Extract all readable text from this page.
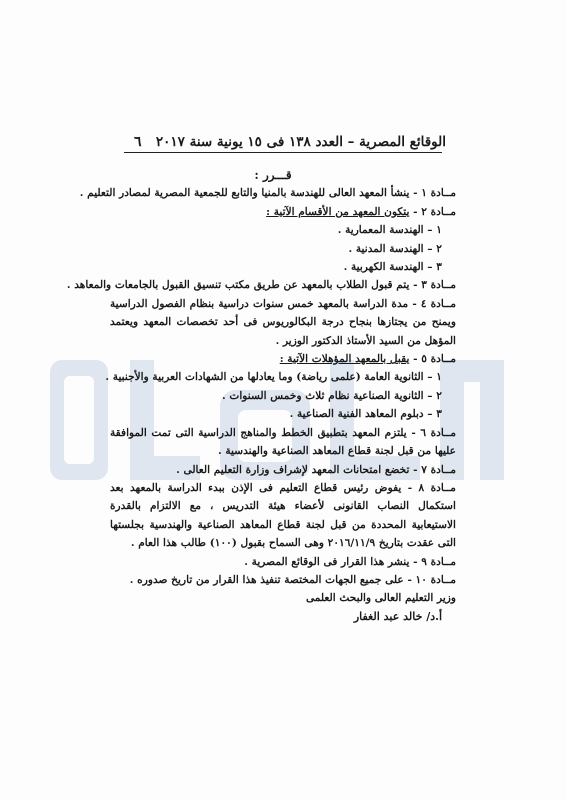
٦ الوقائع المصرية – العدد ١٣٨ فى ١٥ يونية سنة ٢٠١٧

قـــرر :

مــادة ١ - ينشأ المعهد العالى للهندسة بالمنيا والتابع للجمعية المصرية لمصادر التعليم .

مــادة ٢ - يتكون المعهد من الأقسام الآتية :

١ – الهندسة المعمارية .

٢ – الهندسة المدنية .

٣ – الهندسة الكهربية .

مــادة ٣ - يتم قبول الطلاب بالمعهد عن طريق مكتب تنسيق القبول بالجامعات والمعاهد .

مــادة ٤ - مدة الدراسة بالمعهد خمس سنوات دراسية بنظام الفصول الدراسية ويمنح من يجتازها بنجاح درجة البكالوريوس فى أحد تخصصات المعهد ويعتمد المؤهل من السيد الأستاذ الدكتور الوزير .

مــادة ٥ - يقبل بالمعهد المؤهلات الآتية :

١ – الثانوية العامة (علمى رياضة) وما يعادلها من الشهادات العربية والأجنبية .

٢ – الثانوية الصناعية نظام ثلاث وخمس السنوات .

٣ – دبلوم المعاهد الفنية الصناعية .

مــادة ٦ - يلتزم المعهد بتطبيق الخطط والمناهج الدراسية التى تمت الموافقة عليها من قبل لجنة قطاع المعاهد الصناعية والهندسية .

مــادة ٧ - تخضع امتحانات المعهد لإشراف وزارة التعليم العالى .

مــادة ٨ - يفوض رئيس قطاع التعليم فى الإذن ببدء الدراسة بالمعهد بعد استكمال النصاب القانونى لأعضاء هيئة التدريس ، مع الالتزام بالقدرة الاستيعابية المحددة من قبل لجنة قطاع المعاهد الصناعية والهندسية بجلستها التى عقدت بتاريخ ٢٠١٦/١١/٩ وهى السماح بقبول (١٠٠) طالب هذا العام .

مــادة ٩ - ينشر هذا القرار فى الوقائع المصرية .

مــادة ١٠ - على جميع الجهات المختصة تنفيذ هذا القرار من تاريخ صدوره .

وزير التعليم العالى والبحث العلمى

أ.د/ خالد عبد الغفار
